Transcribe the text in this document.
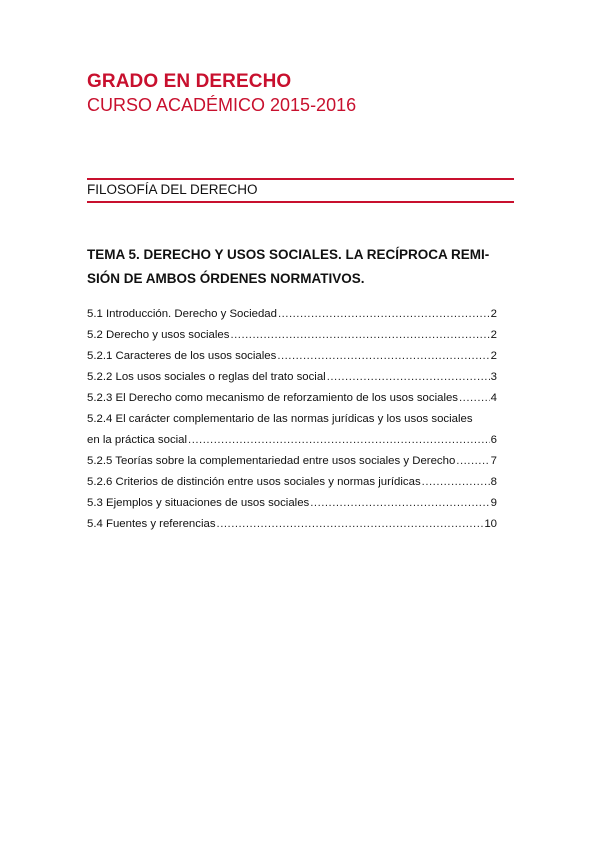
GRADO EN DERECHO
CURSO ACADÉMICO 2015-2016

FILOSOFÍA DEL DERECHO

TEMA 5. DERECHO Y USOS SOCIALES. LA RECÍPROCA REMI-
SIÓN DE AMBOS ÓRDENES NORMATIVOS.
5.1 Introducción. Derecho y Sociedad .....	2
5.2 Derecho y usos sociales .....	2
5.2.1 Caracteres de los usos sociales .....	2
5.2.2 Los usos sociales o reglas del trato social .....	3
5.2.3 El Derecho como mecanismo de reforzamiento de los usos sociales .....	4
5.2.4 El carácter complementario de las normas jurídicas y los usos sociales
en la práctica social .....	6
5.2.5 Teorías sobre la complementariedad entre usos sociales y Derecho .....	7
5.2.6 Criterios de distinción entre usos sociales y normas jurídicas .....	8
5.3 Ejemplos y situaciones de usos sociales .....	9
5.4 Fuentes y referencias .....	10
